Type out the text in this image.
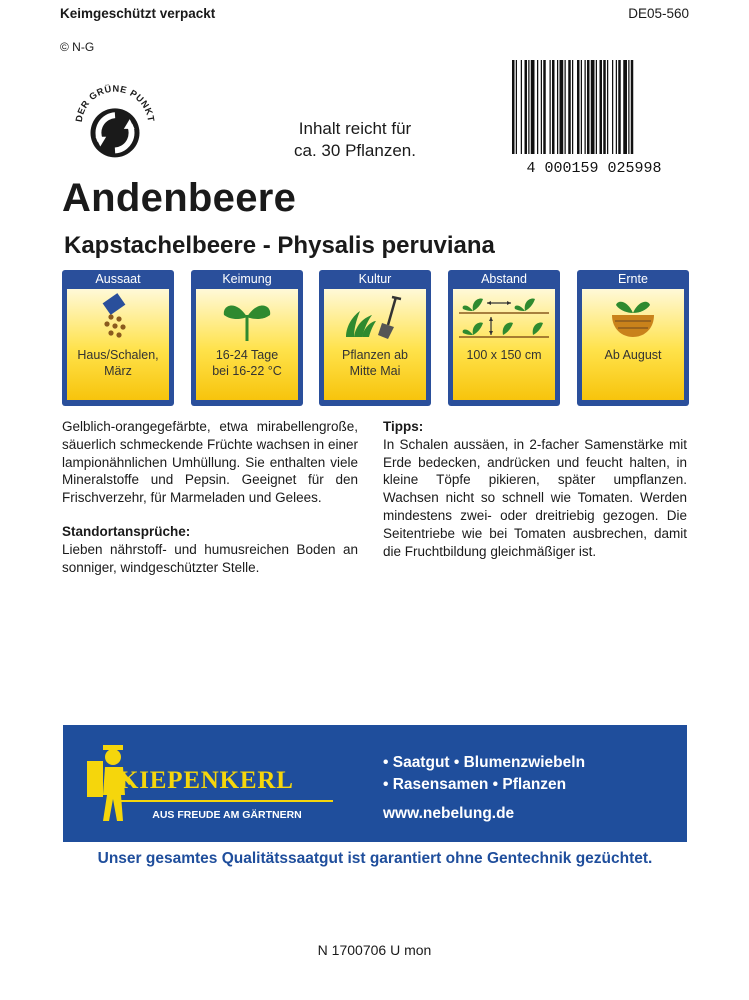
Keimgeschützt verpackt	DE05-560
© N-G
DER GRÜNE PUNKT
Inhalt reicht für
ca. 30 Pflanzen.
4 000159 025998
Andenbeere
Kapstachelbeere - Physalis peruviana
Aussaat
Haus/Schalen,
März
Keimung
16-24 Tage
bei 16-22 °C
Kultur
Pflanzen ab
Mitte Mai
Abstand
100 x 150 cm
Ernte
Ab August

Gelblich-orangegefärbte, etwa mirabellengroße, säuerlich schmeckende Früchte wachsen in einer lampionähnlichen Umhüllung. Sie enthalten viele Mineralstoffe und Pepsin. Geeignet für den Frischverzehr, für Marmeladen und Gelees.

Standortansprüche:

Lieben nährstoff- und humusreichen Boden an sonniger, windgeschützter Stelle.

Tipps:

In Schalen aussäen, in 2-facher Samenstärke mit Erde bedecken, andrücken und feucht halten, in kleine Töpfe pikieren, später umpflanzen. Wachsen nicht so schnell wie Tomaten. Werden mindestens zwei- oder dreitriebig gezogen. Die Seitentriebe wie bei Tomaten ausbrechen, damit die Fruchtbildung gleichmäßiger ist.

KIEPENKERL
AUS FREUDE AM GÄRTNERN
• Saatgut • Blumenzwiebeln
• Rasensamen • Pflanzen
www.nebelung.de
Unser gesamtes Qualitätssaatgut ist garantiert ohne Gentechnik gezüchtet.
N 1700706 U mon
